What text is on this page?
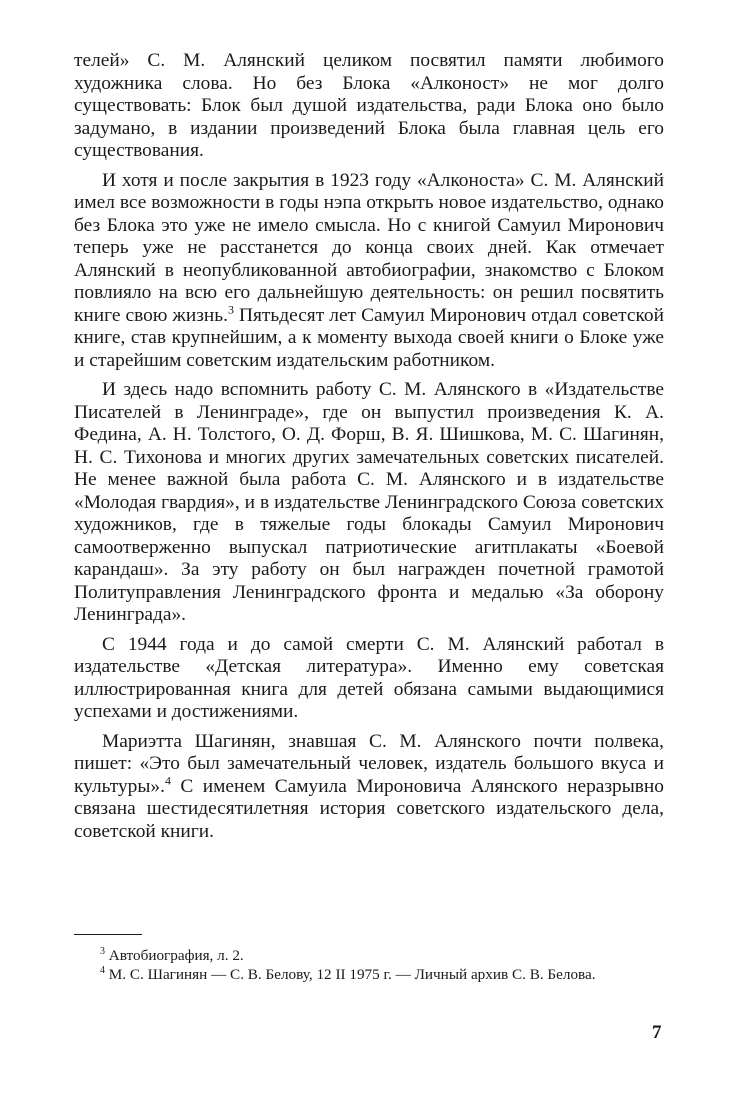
телей» С. М. Алянский целиком посвятил памяти любимого художника слова. Но без Блока «Алконост» не мог долго существовать: Блок был душой издательства, ради Блока оно было задумано, в издании произведений Блока была главная цель его существования.

И хотя и после закрытия в 1923 году «Алконоста» С. М. Алянский имел все возможности в годы нэпа открыть новое издательство, однако без Блока это уже не имело смысла. Но с книгой Самуил Миронович теперь уже не расстанется до конца своих дней. Как отмечает Алянский в неопубликованной автобиографии, знакомство с Блоком повлияло на всю его дальнейшую деятельность: он решил посвятить книге свою жизнь.$^3$ Пятьдесят лет Самуил Миронович отдал советской книге, став крупнейшим, а к моменту выхода своей книги о Блоке уже и старейшим советским издательским работником.

И здесь надо вспомнить работу С. М. Алянского в «Издательстве Писателей в Ленинграде», где он выпустил произведения К. А. Федина, А. Н. Толстого, О. Д. Форш, В. Я. Шишкова, М. С. Шагинян, Н. С. Тихонова и многих других замечательных советских писателей. Не менее важной была работа С. М. Алянского и в издательстве «Молодая гвардия», и в издательстве Ленинградского Союза советских художников, где в тяжелые годы блокады Самуил Миронович самоотверженно выпускал патриотические агитплакаты «Боевой карандаш». За эту работу он был награжден почетной грамотой Политуправления Ленинградского фронта и медалью «За оборону Ленинграда».

С 1944 года и до самой смерти С. М. Алянский работал в издательстве «Детская литература». Именно ему советская иллюстрированная книга для детей обязана самыми выдающимися успехами и достижениями.

Мариэтта Шагинян, знавшая С. М. Алянского почти полвека, пишет: «Это был замечательный человек, издатель большого вкуса и культуры».$^4$ С именем Самуила Мироновича Алянского неразрывно связана шестидесятилетняя история советского издательского дела, советской книги.

$^3$ Автобиография, л. 2.

$^4$ М. С. Шагинян — С. В. Белову, 12 II 1975 г. — Личный архив С. В. Белова.

7
